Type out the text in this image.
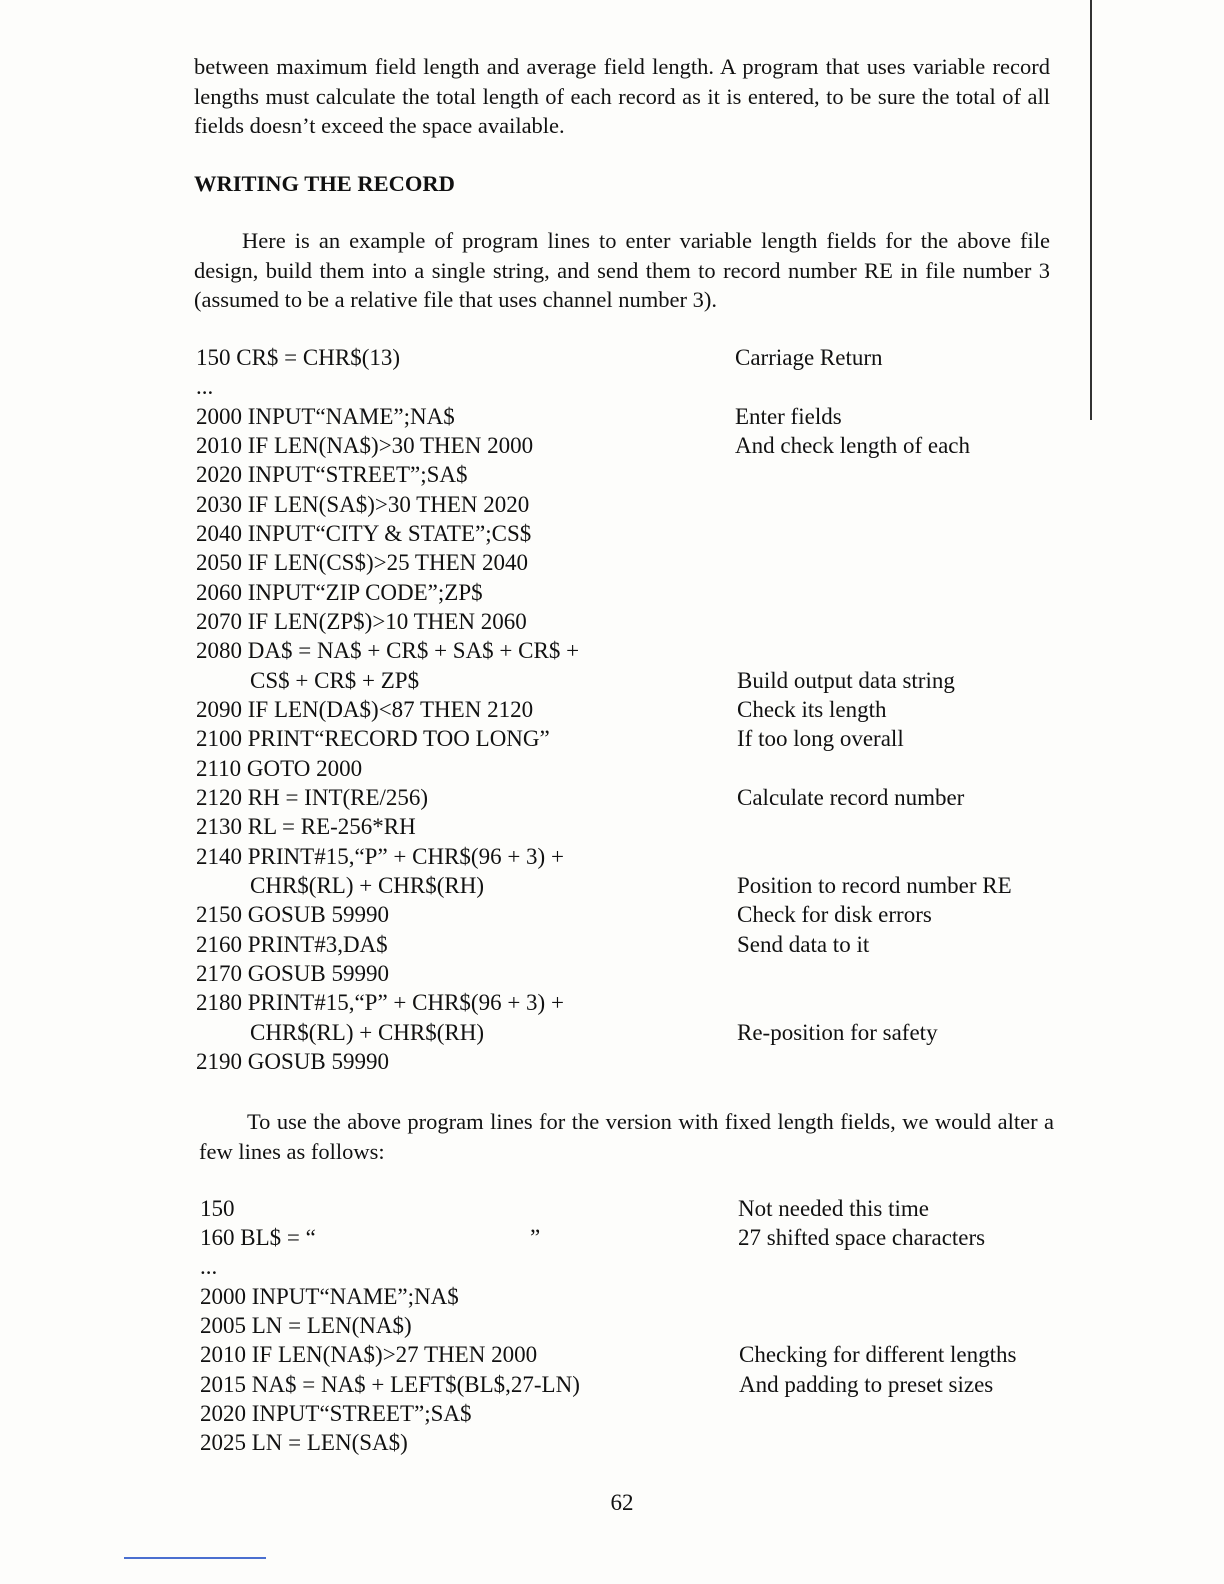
between maximum field length and average field length. A program that uses variable record lengths must calculate the total length of each record as it is entered, to be sure the total of all fields doesn’t exceed the space available.

WRITING THE RECORD

Here is an example of program lines to enter variable length fields for the above file design, build them into a single string, and send them to record number RE in file number 3 (assumed to be a relative file that uses channel number 3).

150 CR$ = CHR$(13)
...
2000 INPUT“NAME”;NA$
2010 IF LEN(NA$)>30 THEN 2000
2020 INPUT“STREET”;SA$
2030 IF LEN(SA$)>30 THEN 2020
2040 INPUT“CITY & STATE”;CS$
2050 IF LEN(CS$)>25 THEN 2040
2060 INPUT“ZIP CODE”;ZP$
2070 IF LEN(ZP$)>10 THEN 2060
2080 DA$ = NA$ + CR$ + SA$ + CR$ +
CS$ + CR$ + ZP$
2090 IF LEN(DA$)<87 THEN 2120
2100 PRINT“RECORD TOO LONG”
2110 GOTO 2000
2120 RH = INT(RE/256)
2130 RL = RE-256*RH
2140 PRINT#15,“P” + CHR$(96 + 3) +
CHR$(RL) + CHR$(RH)
2150 GOSUB 59990
2160 PRINT#3,DA$
2170 GOSUB 59990
2180 PRINT#15,“P” + CHR$(96 + 3) +
CHR$(RL) + CHR$(RH)
2190 GOSUB 59990
Carriage Return
Enter fields
And check length of each
Build output data string
Check its length
If too long overall
Calculate record number
Position to record number RE
Check for disk errors
Send data to it
Re-position for safety

To use the above program lines for the version with fixed length fields, we would alter a few lines as follows:

150
160 BL$ = “	”
...
2000 INPUT“NAME”;NA$
2005 LN = LEN(NA$)
2010 IF LEN(NA$)>27 THEN 2000
2015 NA$ = NA$ + LEFT$(BL$,27-LN)
2020 INPUT“STREET”;SA$
2025 LN = LEN(SA$)
Not needed this time
27 shifted space characters
Checking for different lengths
And padding to preset sizes
62
